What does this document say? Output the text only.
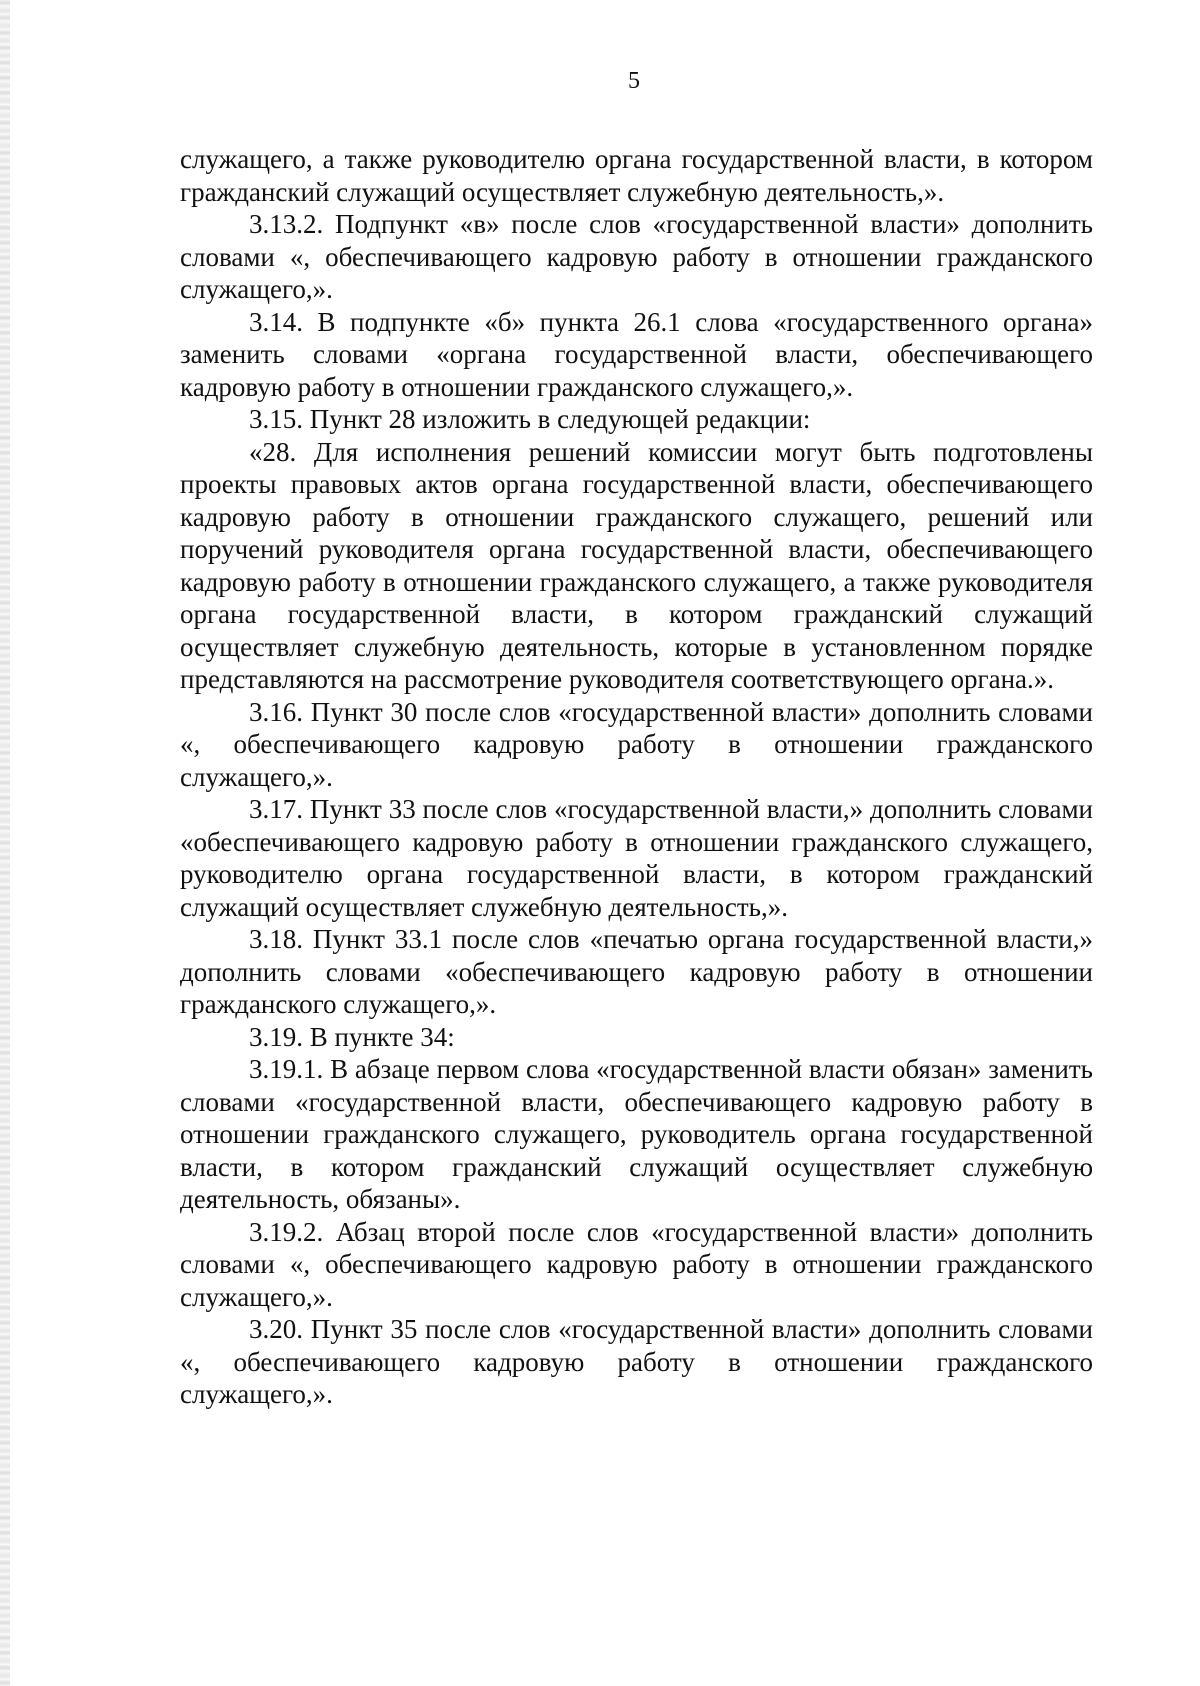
5

служащего, а также руководителю органа государственной власти, в котором гражданский служащий осуществляет служебную деятельность,».

3.13.2. Подпункт «в» после слов «государственной власти» дополнить словами «, обеспечивающего кадровую работу в отношении гражданского служащего,».

3.14. В подпункте «б» пункта 26.1 слова «государственного органа» заменить словами «органа государственной власти, обеспечивающего кадровую работу в отношении гражданского служащего,».

3.15. Пункт 28 изложить в следующей редакции:

«28. Для исполнения решений комиссии могут быть подготовлены проекты правовых актов органа государственной власти, обеспечивающего кадровую работу в отношении гражданского служащего, решений или поручений руководителя органа государственной власти, обеспечивающего кадровую работу в отношении гражданского служащего, а также руководителя органа государственной власти, в котором гражданский служащий осуществляет служебную деятельность, которые в установленном порядке представляются на рассмотрение руководителя соответствующего органа.».

3.16. Пункт 30 после слов «государственной власти» дополнить словами «, обеспечивающего кадровую работу в отношении гражданского служащего,».

3.17. Пункт 33 после слов «государственной власти,» дополнить словами «обеспечивающего кадровую работу в отношении гражданского служащего, руководителю органа государственной власти, в котором гражданский служащий осуществляет служебную деятельность,».

3.18. Пункт 33.1 после слов «печатью органа государственной власти,» дополнить словами «обеспечивающего кадровую работу в отношении гражданского служащего,».

3.19. В пункте 34:

3.19.1. В абзаце первом слова «государственной власти обязан» заменить словами «государственной власти, обеспечивающего кадровую работу в отношении гражданского служащего, руководитель органа государственной власти, в котором гражданский служащий осуществляет служебную деятельность, обязаны».

3.19.2. Абзац второй после слов «государственной власти» дополнить словами «, обеспечивающего кадровую работу в отношении гражданского служащего,».

3.20. Пункт 35 после слов «государственной власти» дополнить словами «, обеспечивающего кадровую работу в отношении гражданского служащего,».
